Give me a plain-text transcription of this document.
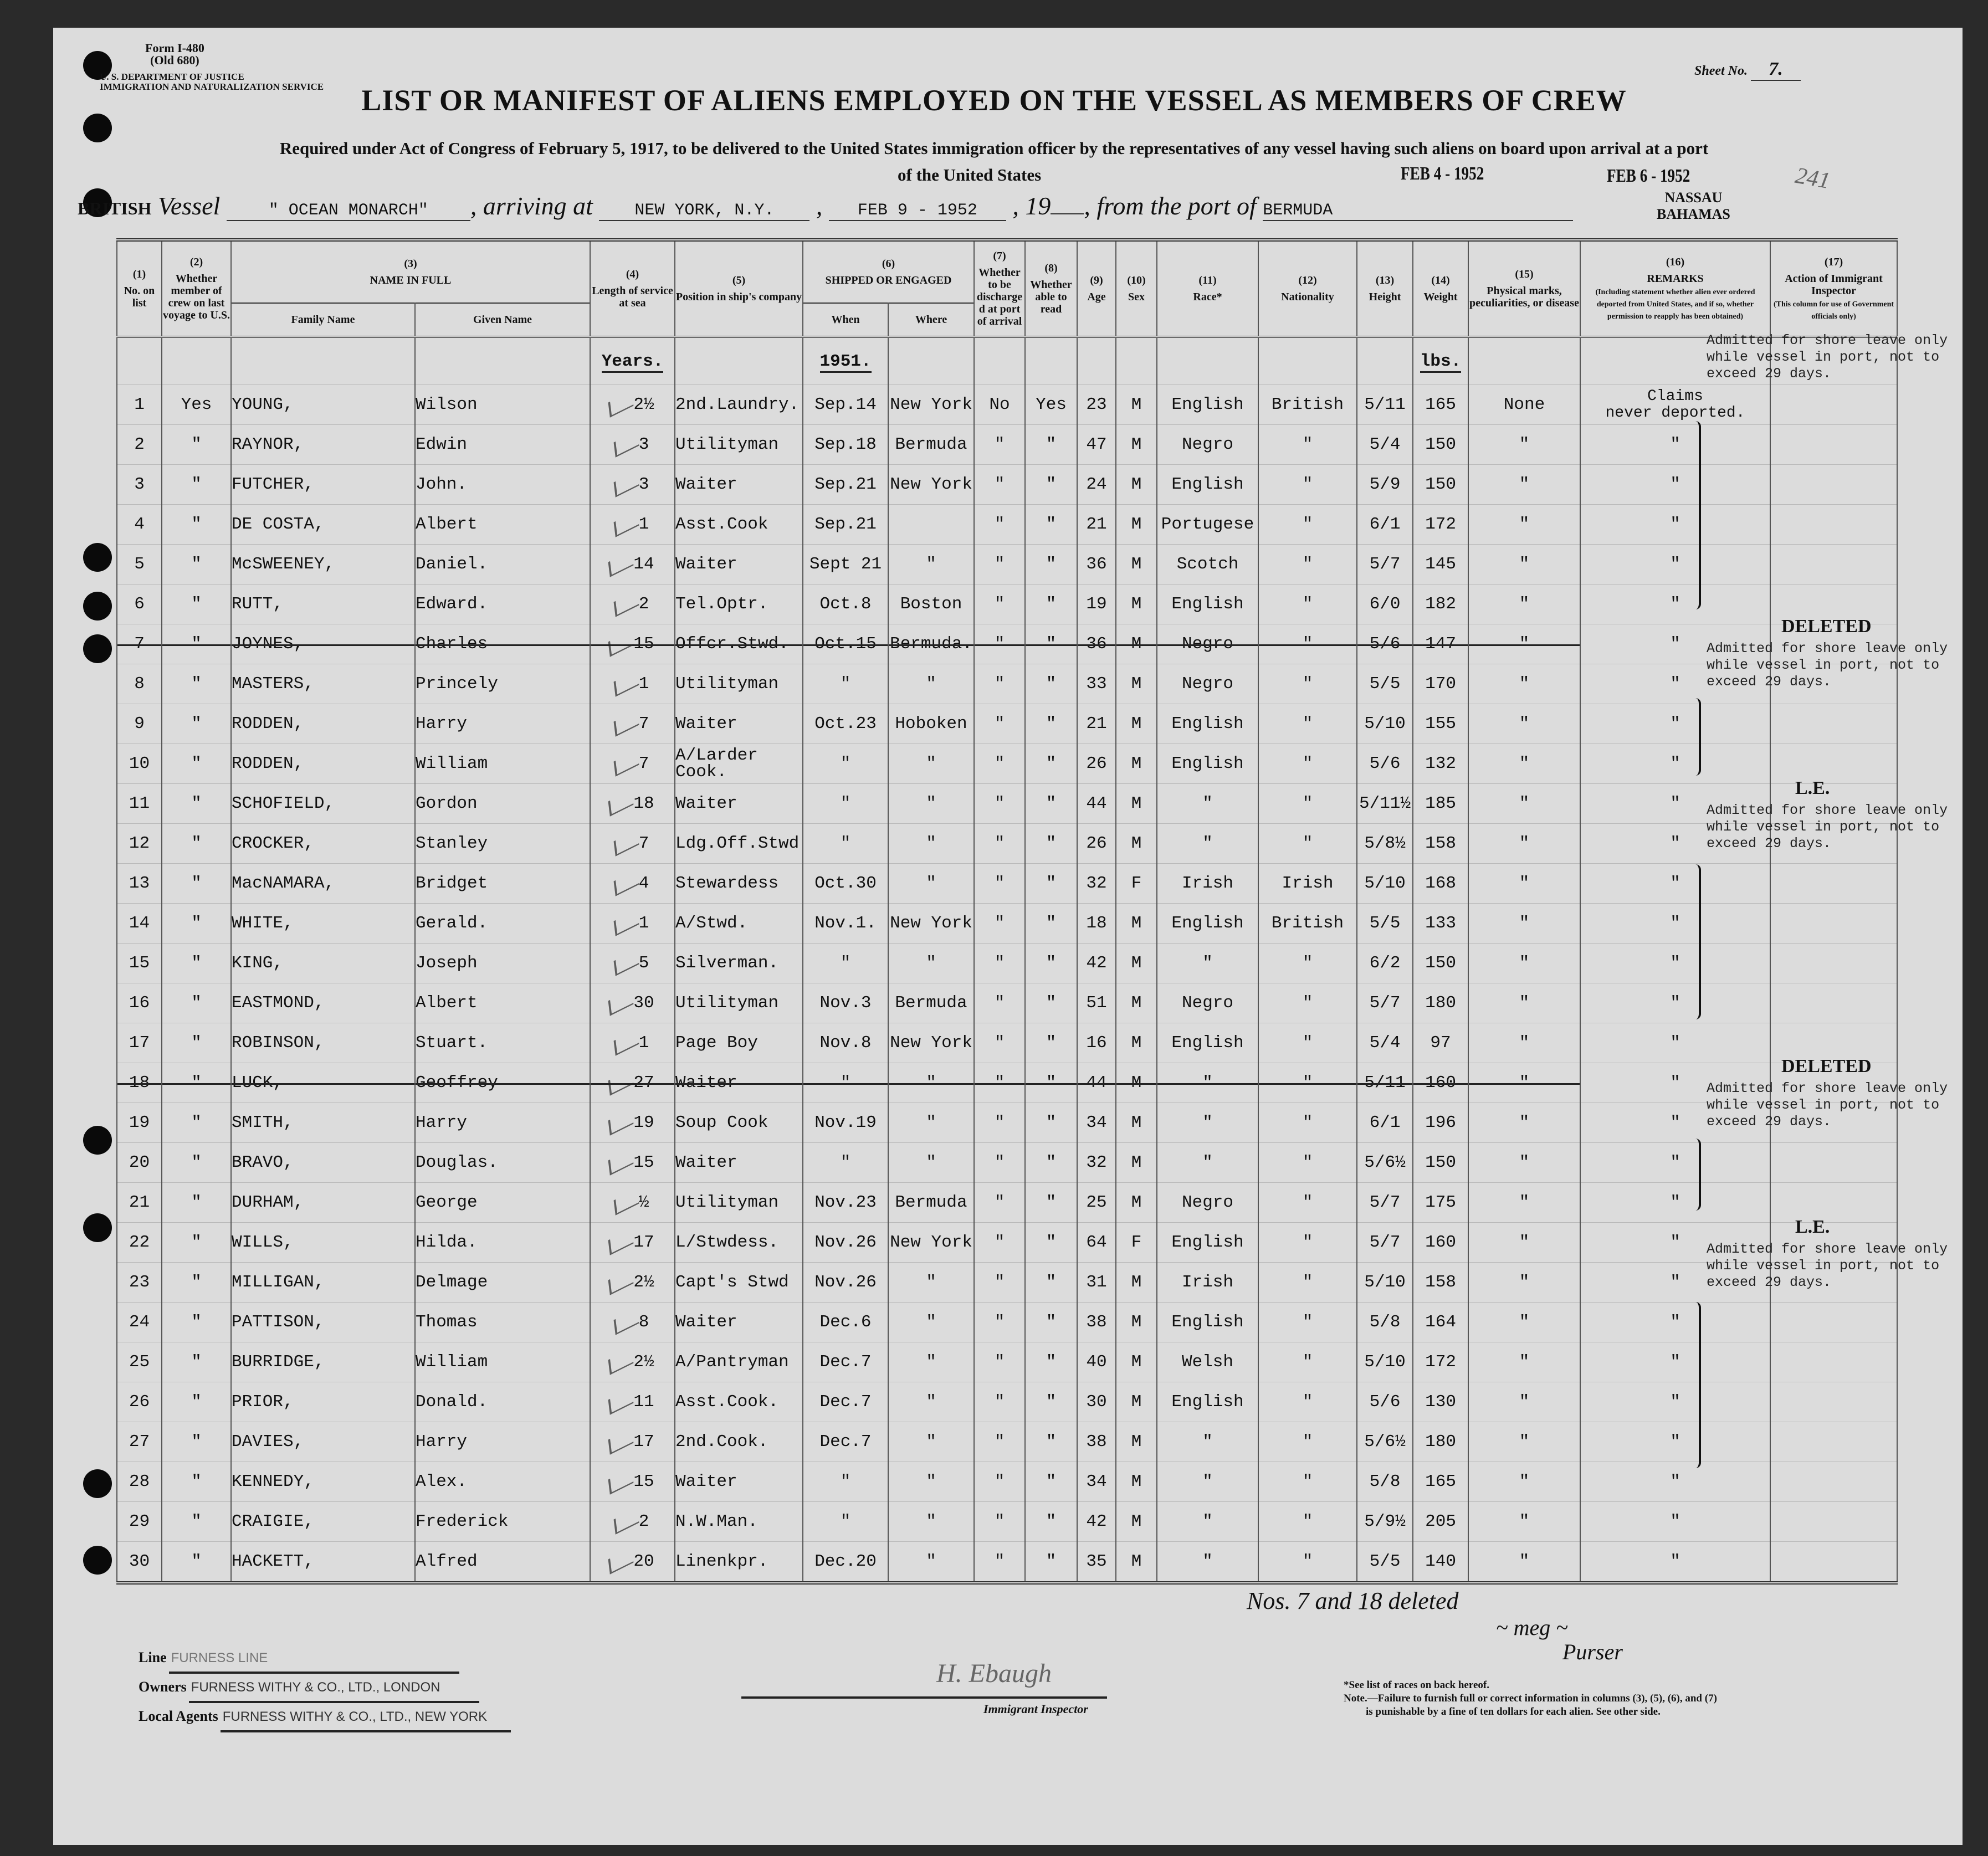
Form I-480
(Old 680)
U. S. DEPARTMENT OF JUSTICE
IMMIGRATION AND NATURALIZATION SERVICE
Sheet No. 7.
LIST OR MANIFEST OF ALIENS EMPLOYED ON THE VESSEL AS MEMBERS OF CREW
Required under Act of Congress of February 5, 1917, to be delivered to the United States immigration officer by the representatives of any vessel having such aliens on board upon arrival at a port
of the United States	FEB 4 - 1952	FEB 6 - 1952	241
BRITISH Vessel	" OCEAN MONARCH" , arriving at	NEW YORK, N.Y. , FEB 9 - 1952 , 19 , from the port of BERMUDA
NASSAU
BAHAMAS
(1)
No. on list	(2)
Whether member of crew on last voyage to U.S.	(3)
NAME IN FULL		(4)
Length of service at sea	(5)
Position in ship's company	(6)
SHIPPED OR ENGAGED		(7)
Whether to be discharged at port of arrival	(8)
Whether able to read	(9)
Age	(10)
Sex	(11)
Race*	(12)
Nationality	(13)
Height	(14)
Weight	(15)
Physical marks, peculiarities, or disease	(16)
REMARKS
(Including statement whether alien ever ordered deported from United States, and if so, whether permission to reapply has been obtained)	(17)
Action of Immigrant Inspector
(This column for use of Government officials only)
		Family Name	Given Name			When	Where											
				Years.		1951.									lbs.			
1	Yes	YOUNG,	Wilson	2½	2nd.Laundry.	Sep.14	New York	No	Yes	23	M	English	British	5/11	165	None	Claims
never deported.	

2	"	RAYNOR,	Edwin	3	Utilityman	Sep.18	Bermuda	"	"	47	M	Negro	"	5/4	150	"	"	
3	"	FUTCHER,	John.	3	Waiter	Sep.21	New York	"	"	24	M	English	"	5/9	150	"	"	
4	"	DE COSTA,	Albert	1	Asst.Cook	Sep.21		"	"	21	M	Portugese	"	6/1	172	"	"	
5	"	McSWEENEY,	Daniel.	14	Waiter	Sept 21	"	"	"	36	M	Scotch	"	5/7	145	"	"	
6	"	RUTT,	Edward.	2	Tel.Optr.	Oct.8	Boston	"	"	19	M	English	"	6/0	182	"	"	
7	"	JOYNES,	Charles	15	Offcr.Stwd.	Oct.15	Bermuda.	"	"	36	M	Negro	"	5/6	147	"	"	
8	"	MASTERS,	Princely	1	Utilityman	"	"	"	"	33	M	Negro	"	5/5	170	"	"	
9	"	RODDEN,	Harry	7	Waiter	Oct.23	Hoboken	"	"	21	M	English	"	5/10	155	"	"	
10	"	RODDEN,	William	7	A/Larder
Cook.	"	"	"	"	26	M	English	"	5/6	132	"	"	
11	"	SCHOFIELD,	Gordon	18	Waiter	"	"	"	"	44	M	"	"	5/11½	185	"	"	
12	"	CROCKER,	Stanley	7	Ldg.Off.Stwd	"	"	"	"	26	M	"	"	5/8½	158	"	"	
13	"	MacNAMARA,	Bridget	4	Stewardess	Oct.30	"	"	"	32	F	Irish	Irish	5/10	168	"	"	
14	"	WHITE,	Gerald.	1	A/Stwd.	Nov.1.	New York	"	"	18	M	English	British	5/5	133	"	"	
15	"	KING,	Joseph	5	Silverman.	"	"	"	"	42	M	"	"	6/2	150	"	"	
16	"	EASTMOND,	Albert	30	Utilityman	Nov.3	Bermuda	"	"	51	M	Negro	"	5/7	180	"	"	
17	"	ROBINSON,	Stuart.	1	Page Boy	Nov.8	New York	"	"	16	M	English	"	5/4	97	"	"	
18	"	LUCK,	Geoffrey	27	Waiter	"	"	"	"	44	M	"	"	5/11	160	"	"	
19	"	SMITH,	Harry	19	Soup Cook	Nov.19	"	"	"	34	M	"	"	6/1	196	"	"	
20	"	BRAVO,	Douglas.	15	Waiter	"	"	"	"	32	M	"	"	5/6½	150	"	"	
21	"	DURHAM,	George	½	Utilityman	Nov.23	Bermuda	"	"	25	M	Negro	"	5/7	175	"	"	
22	"	WILLS,	Hilda.	17	L/Stwdess.	Nov.26	New York	"	"	64	F	English	"	5/7	160	"	"	
23	"	MILLIGAN,	Delmage	2½	Capt's Stwd	Nov.26	"	"	"	31	M	Irish	"	5/10	158	"	"	
24	"	PATTISON,	Thomas	8	Waiter	Dec.6	"	"	"	38	M	English	"	5/8	164	"	"	
25	"	BURRIDGE,	William	2½	A/Pantryman	Dec.7	"	"	"	40	M	Welsh	"	5/10	172	"	"	
26	"	PRIOR,	Donald.	11	Asst.Cook.	Dec.7	"	"	"	30	M	English	"	5/6	130	"	"	
27	"	DAVIES,	Harry	17	2nd.Cook.	Dec.7	"	"	"	38	M	"	"	5/6½	180	"	"	
28	"	KENNEDY,	Alex.	15	Waiter	"	"	"	"	34	M	"	"	5/8	165	"	"	
29	"	CRAIGIE,	Frederick	2	N.W.Man.	"	"	"	"	42	M	"	"	5/9½	205	"	"	
30	"	HACKETT,	Alfred	20	Linenkpr.	Dec.20	"	"	"	35	M	"	"	5/5	140	"	"	
Admitted for shore leave only
while vessel in port, not to
exceed 29 days.
DELETED
Admitted for shore leave only
while vessel in port, not to
exceed 29 days.
L.E.
Admitted for shore leave only
while vessel in port, not to
exceed 29 days.
DELETED
Admitted for shore leave only
while vessel in port, not to
exceed 29 days.
L.E.
Admitted for shore leave only
while vessel in port, not to
exceed 29 days.
Nos. 7 and 18 deleted
~ meg ~
Purser
Line FURNESS LINE
Owners FURNESS WITHY & CO., LTD., LONDON
Local Agents FURNESS WITHY & CO., LTD., NEW YORK
H. Ebaugh
Immigrant Inspector
*See list of races on back hereof.
Note.—Failure to furnish full or correct information in columns (3), (5), (6), and (7)
is punishable by a fine of ten dollars for each alien. See other side.
